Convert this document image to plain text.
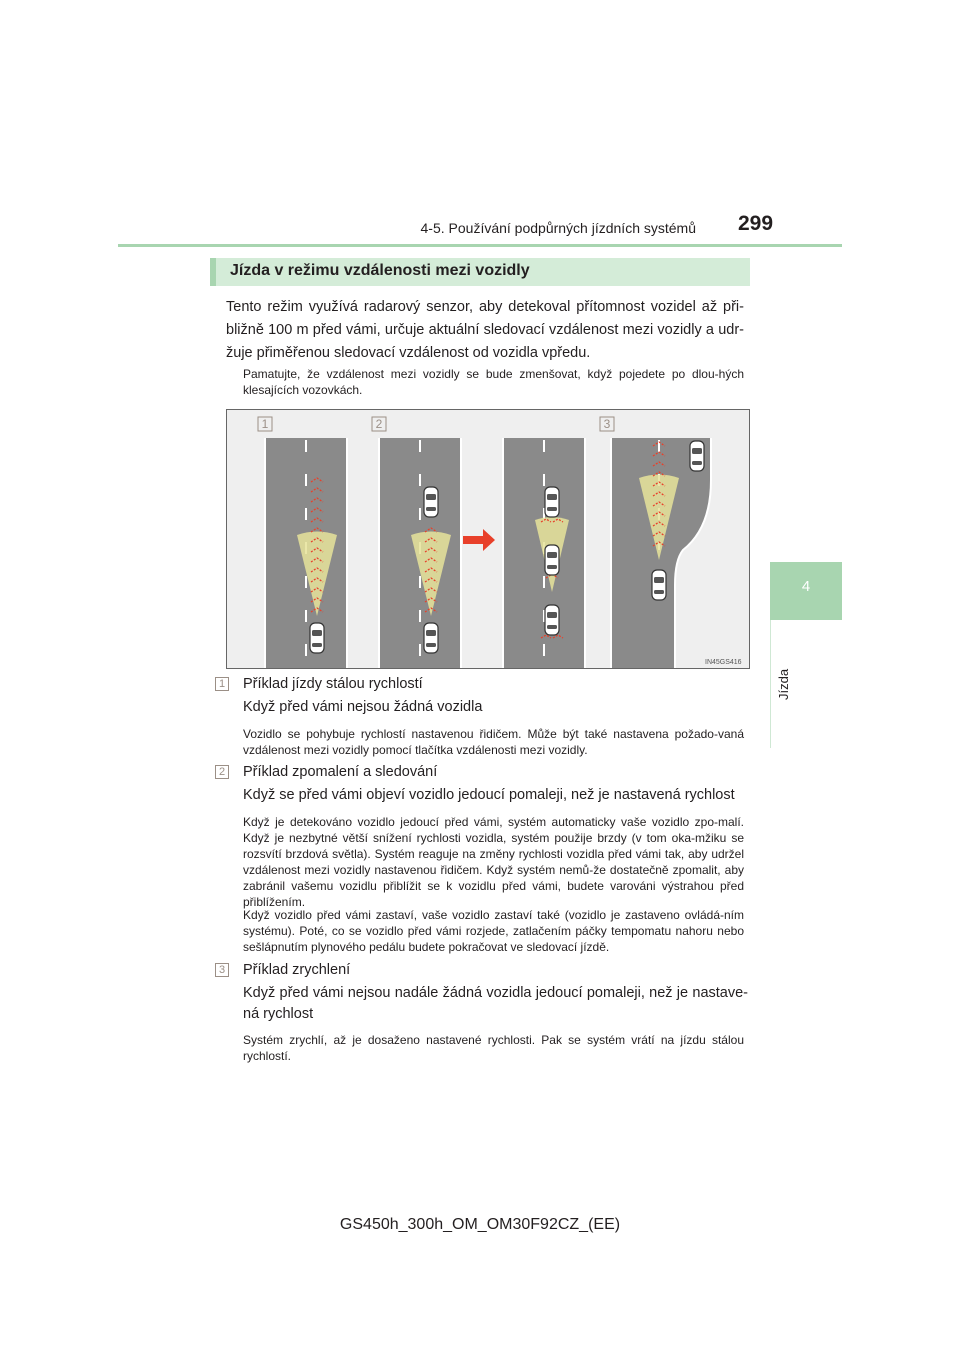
4-5. Používání podpůrných jízdních systémů 299
4
Jízda
Jízda v režimu vzdálenosti mezi vozidly

Tento režim využívá radarový senzor, aby detekoval přítomnost vozidel až při-bližně 100 m před vámi, určuje aktuální sledovací vzdálenost mezi vozidly a udr-žuje přiměřenou sledovací vzdálenost od vozidla vpředu.

Pamatujte, že vzdálenost mezi vozidly se bude zmenšovat, když pojedete po dlou-hých klesajících vozovkách.

1	2	3
IN45GS416
1 Příklad jízdy stálou rychlostí
Když před vámi nejsou žádná vozidla
Vozidlo se pohybuje rychlostí nastavenou řidičem. Může být také nastavena požado-vaná vzdálenost mezi vozidly pomocí tlačítka vzdálenosti mezi vozidly.
2 Příklad zpomalení a sledování
Když se před vámi objeví vozidlo jedoucí pomaleji, než je nastavená rychlost
Když je detekováno vozidlo jedoucí před vámi, systém automaticky vaše vozidlo zpo-malí. Když je nezbytné větší snížení rychlosti vozidla, systém použije brzdy (v tom oka-mžiku se rozsvítí brzdová světla). Systém reaguje na změny rychlosti vozidla před vámi tak, aby udržel vzdálenost mezi vozidly nastavenou řidičem. Když systém nemů-že dostatečně zpomalit, aby zabránil vašemu vozidlu přiblížit se k vozidlu před vámi, budete varováni výstrahou před přiblížením.
Když vozidlo před vámi zastaví, vaše vozidlo zastaví také (vozidlo je zastaveno ovládá-ním systému). Poté, co se vozidlo před vámi rozjede, zatlačením páčky tempomatu nahoru nebo sešlápnutím plynového pedálu budete pokračovat ve sledovací jízdě.
3 Příklad zrychlení
Když před vámi nejsou nadále žádná vozidla jedoucí pomaleji, než je nastave-ná rychlost
Systém zrychlí, až je dosaženo nastavené rychlosti. Pak se systém vrátí na jízdu stálou rychlostí.
GS450h_300h_OM_OM30F92CZ_(EE)
